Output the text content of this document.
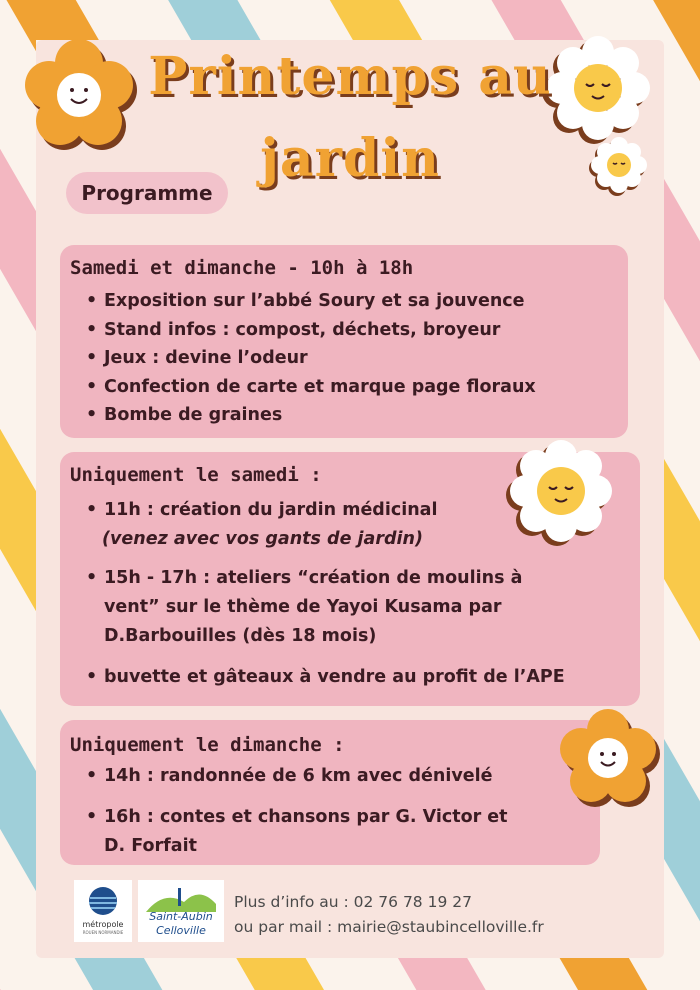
Printemps au
jardin
Programme
Samedi et dimanche - 10h à 18h
• Exposition sur l’abbé Soury et sa jouvence
• Stand infos : compost, déchets, broyeur
• Jeux : devine l’odeur
• Confection de carte et marque page floraux
• Bombe de graines
Uniquement le samedi :
• 11h : création du jardin médicinal
(venez avec vos gants de jardin)
• 15h - 17h : ateliers “création de moulins à
vent” sur le thème de Yayoi Kusama par
D.Barbouilles (dès 18 mois)
• buvette et gâteaux à vendre au profit de l’APE
Uniquement le dimanche :
• 14h : randonnée de 6 km avec dénivelé
• 16h : contes et chansons par G. Victor et
D. Forfait
métropole
ROUEN NORMANDIE
Saint-Aubin
Celloville
Plus d’info au : 02 76 78 19 27
ou par mail : mairie@staubincelloville.fr
